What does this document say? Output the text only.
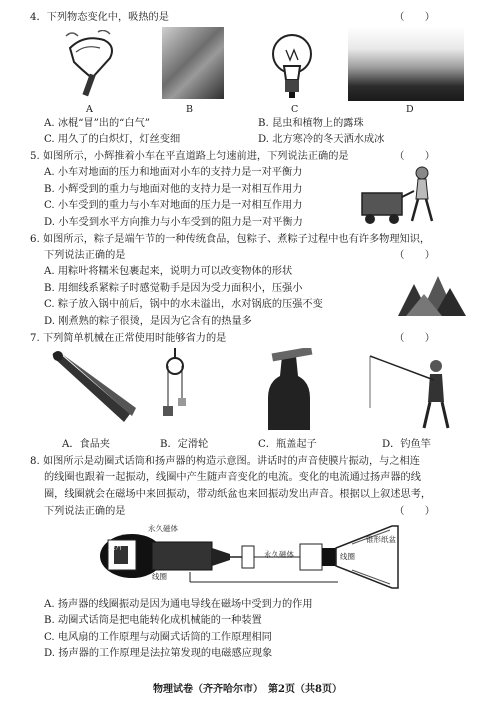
4．下列物态变化中，吸热的是	（　　）
A	B	C	D
A. 冰棍“冒”出的“白气”	B. 昆虫和植物上的露珠
C. 用久了的白炽灯，灯丝变细	D. 北方寒冷的冬天洒水成冰
5. 如图所示，小辉推着小车在平直道路上匀速前进，下列说法正确的是	（　　）
A. 小车对地面的压力和地面对小车的支持力是一对平衡力
B. 小辉受到的重力与地面对他的支持力是一对相互作用力
C. 小车受到的重力与小车对地面的压力是一对相互作用力
D. 小车受到水平方向推力与小车受到的阻力是一对平衡力
6. 如图所示，粽子是端午节的一种传统食品，包粽子、煮粽子过程中也有许多物理知识，
下列说法正确的是	（　　）
A. 用粽叶将糯米包裹起来，说明力可以改变物体的形状
B. 用细线系紧粽子时感觉勒手是因为受力面积小，压强小
C. 粽子放入锅中前后，锅中的水未溢出，水对锅底的压强不变
D. 刚煮熟的粽子很烫，是因为它含有的热量多
7. 下列简单机械在正常使用时能够省力的是	（　　）
A．食品夹	B．定滑轮	C．瓶盖起子	D．钓鱼竿
8. 如图所示是动圈式话筒和扬声器的构造示意图。讲话时的声音使膜片振动，与之相连
的线圈也跟着一起振动，线圈中产生随声音变化的电流。变化的电流通过扬声器的线
圈，线圈就会在磁场中来回振动，带动纸盆也来回振动发出声音。根据以上叙述思考，
下列说法正确的是	（　　）
永久磁体
膜片
线圈
永久磁体
锥形纸盆
线圈
A. 扬声器的线圈振动是因为通电导线在磁场中受到力的作用
B. 动圈式话筒是把电能转化成机械能的一种装置
C. 电风扇的工作原理与动圈式话筒的工作原理相同
D. 扬声器的工作原理是法拉第发现的电磁感应现象
物理试卷（齐齐哈尔市）　第2页（共8页）
